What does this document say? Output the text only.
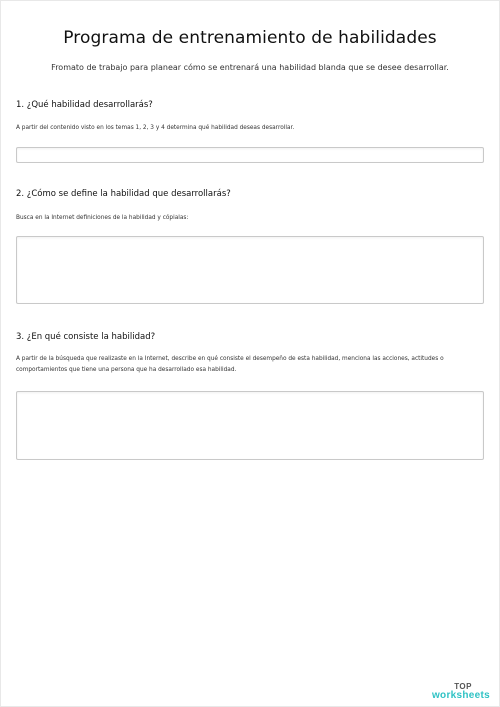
Programa de entrenamiento de habilidades
Fromato de trabajo para planear cómo se entrenará una habilidad blanda que se desee desarrollar.
1. ¿Qué habilidad desarrollarás?
A partir del contenido visto en los temas 1, 2, 3 y 4 determina qué habilidad deseas desarrollar.
2. ¿Cómo se define la habilidad que desarrollarás?
Busca en la Internet definiciones de la habilidad y cópialas:
3. ¿En qué consiste la habilidad?
A partir de la búsqueda que realizaste en la Internet, describe en qué consiste el desempeño de esta habilidad, menciona las acciones, actitudes o comportamientos que tiene una persona que ha desarrollado esa habilidad.
TOP
worksheets
